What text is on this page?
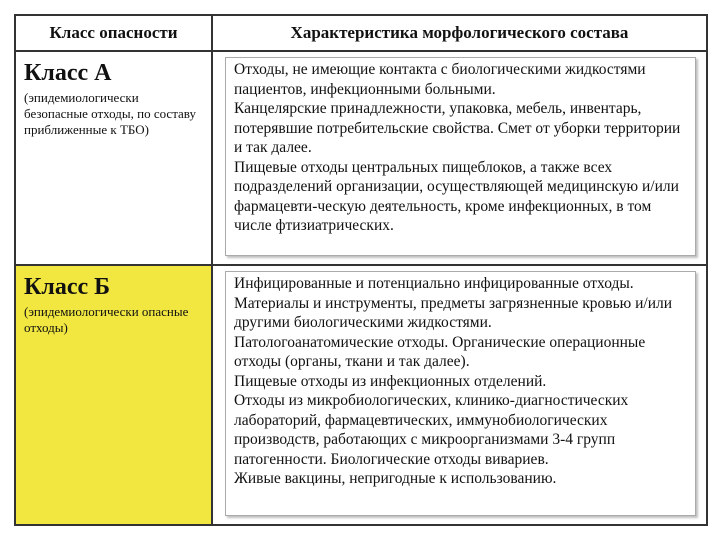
Класс опасности	Характеристика морфологического состава
Класс А
(эпидемиологически безопасные отходы, по составу приближенные к ТБО)

Отходы, не имеющие контакта с биологическими жидкостями пациентов, инфекционными больными.

Канцелярские принадлежности, упаковка, мебель, инвентарь, потерявшие потребительские свойства. Смет от уборки территории и так далее.

Пищевые отходы центральных пищеблоков, а также всех подразделений организации, осуществляющей медицинскую и/или фармацевти-ческую деятельность, кроме инфекционных, в том числе фтизиатрических.

Класс Б
(эпидемиологически опасные отходы)

Инфицированные и потенциально инфицированные отходы.

Материалы и инструменты, предметы загрязненные кровью и/или другими биологическими жидкостями.

Патологоанатомические отходы. Органические операционные отходы (органы, ткани и так далее).

Пищевые отходы из инфекционных отделений.

Отходы из микробиологических, клинико-диагностических лабораторий, фармацевтических, иммунобиологических производств, работающих с микроорганизмами 3-4 групп патогенности. Биологические отходы вивариев.

Живые вакцины, непригодные к использованию.
